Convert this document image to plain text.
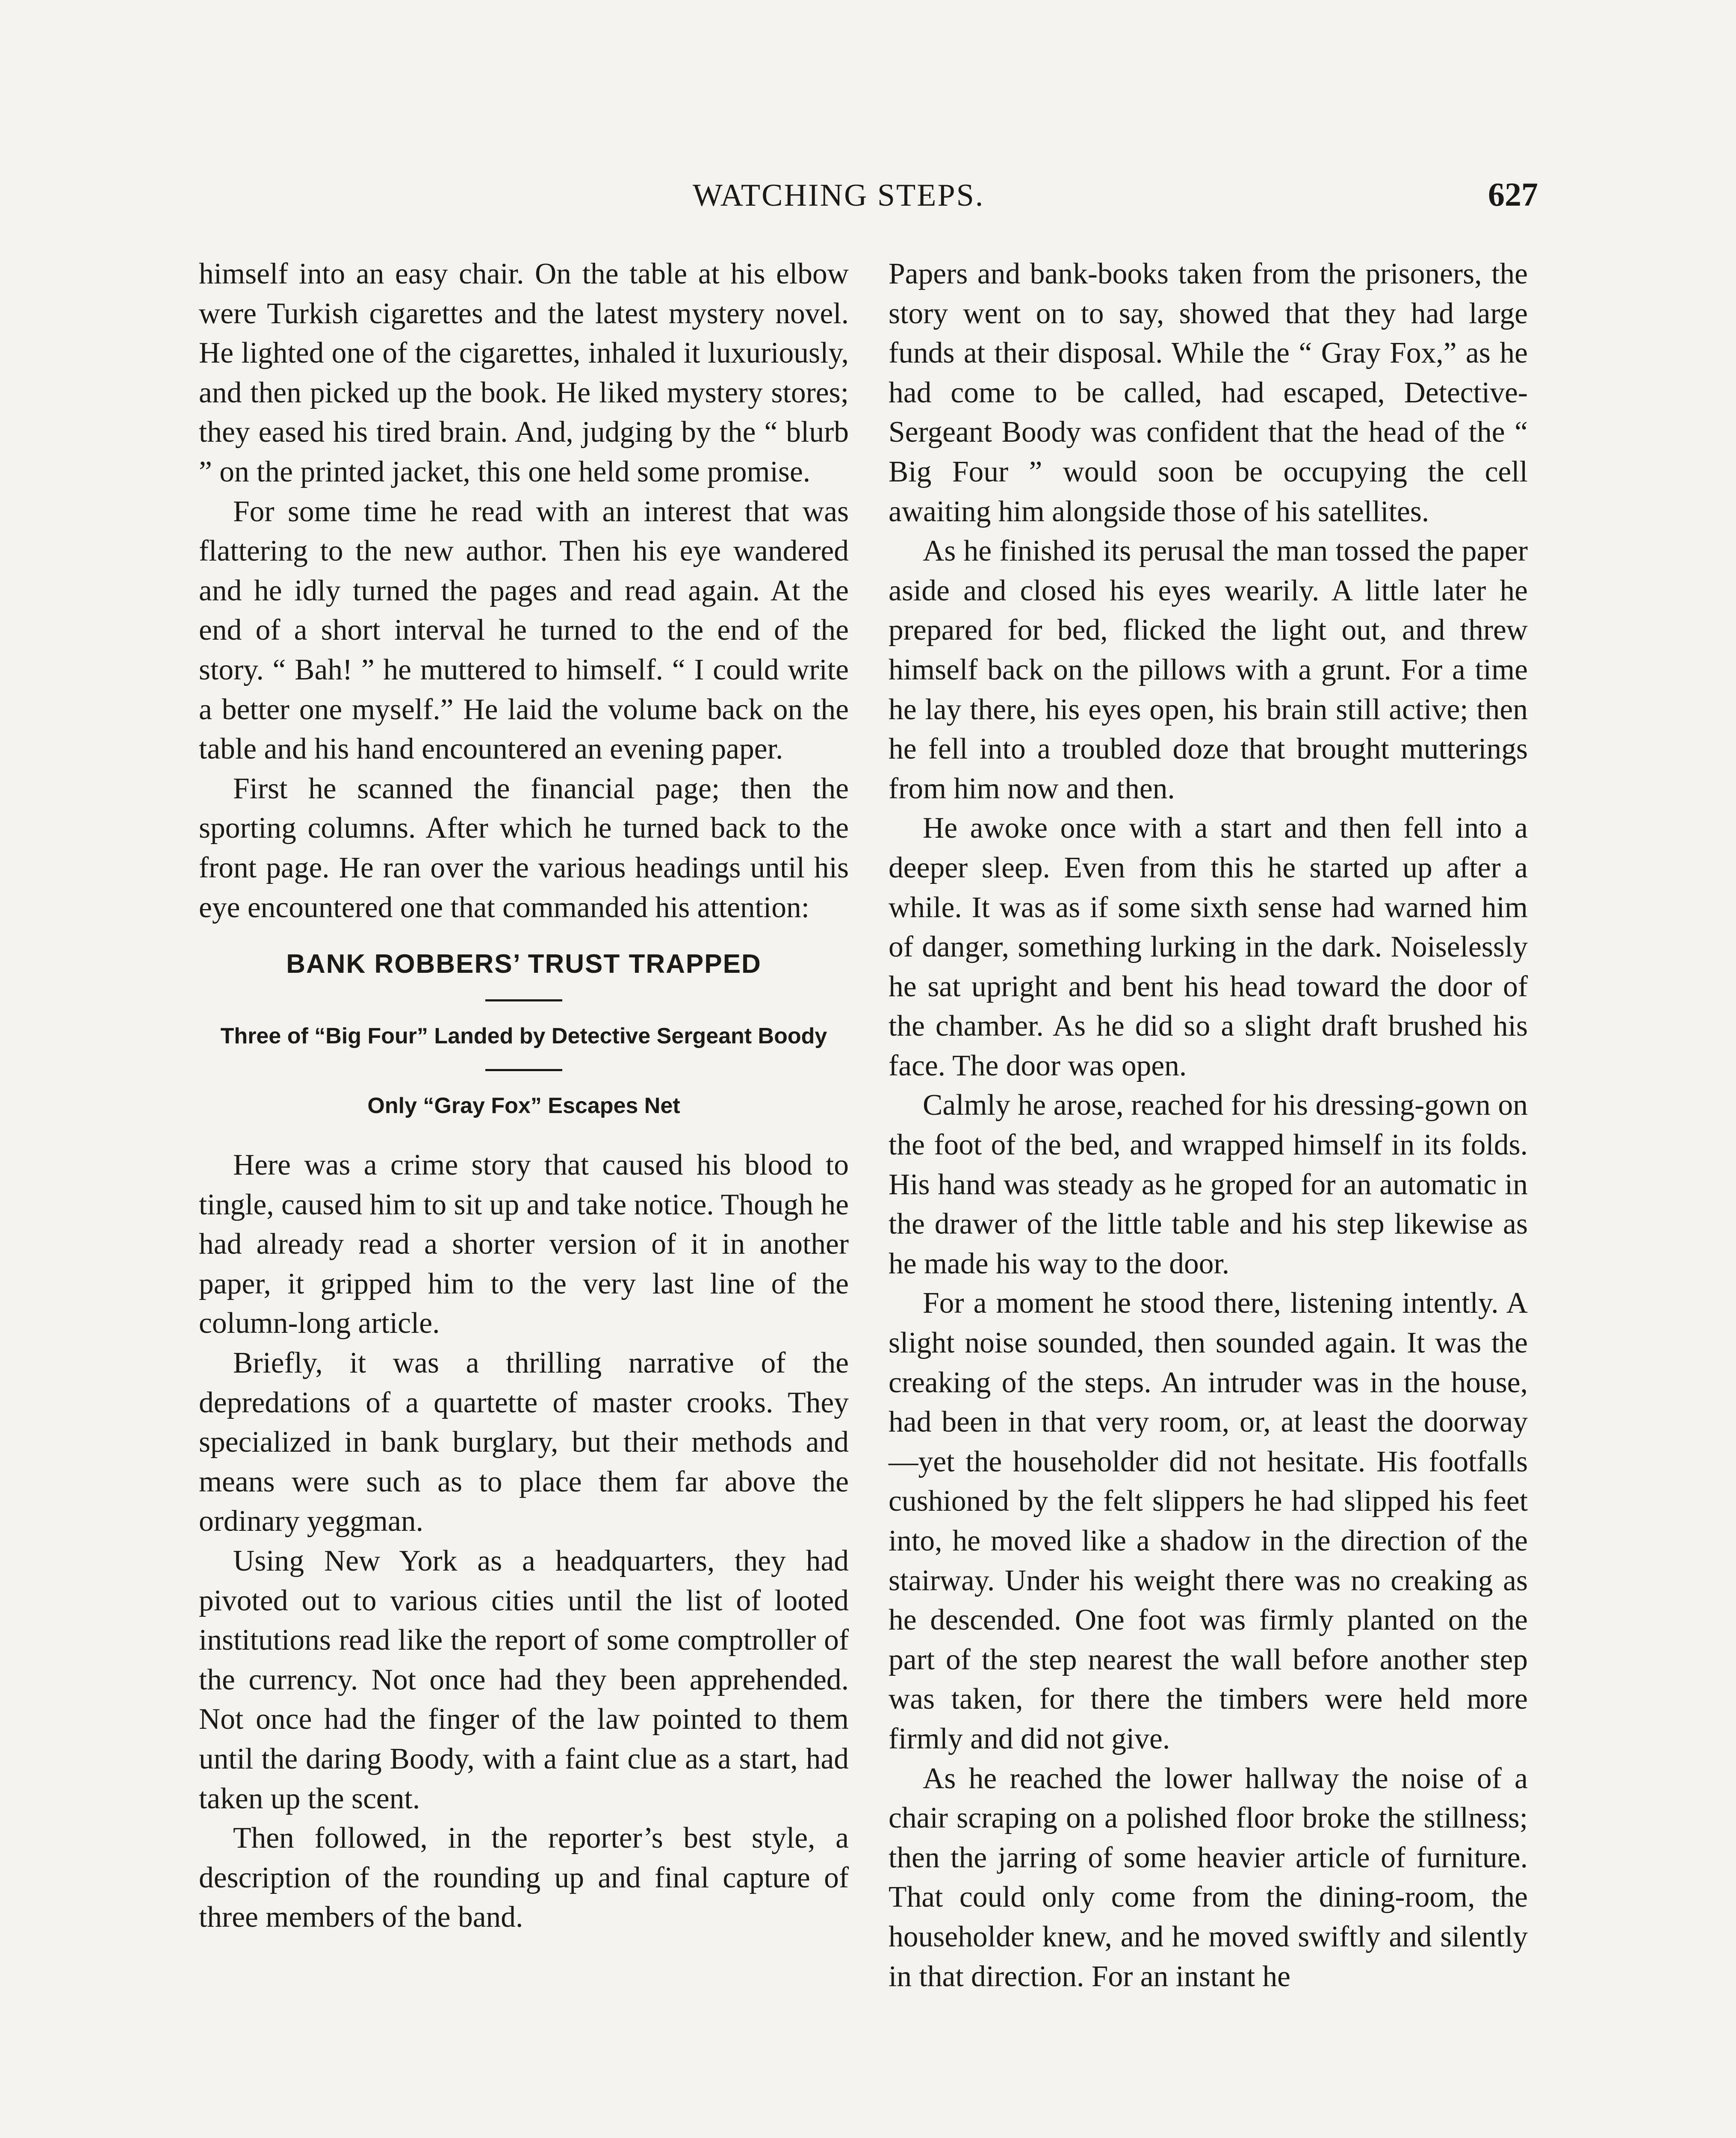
WATCHING STEPS.	627

himself into an easy chair. On the table at his elbow were Turkish cigarettes and the latest mystery novel. He lighted one of the cigarettes, inhaled it luxuriously, and then picked up the book. He liked mystery stores; they eased his tired brain. And, judging by the “ blurb ” on the printed jacket, this one held some promise.

For some time he read with an interest that was flattering to the new author. Then his eye wandered and he idly turned the pages and read again. At the end of a short interval he turned to the end of the story. “ Bah! ” he muttered to himself. “ I could write a better one myself.” He laid the volume back on the table and his hand encountered an evening paper.

First he scanned the financial page; then the sporting columns. After which he turned back to the front page. He ran over the various headings until his eye encountered one that commanded his attention:

BANK ROBBERS’ TRUST TRAPPED
Three of “Big Four” Landed by Detective Sergeant Boody
Only “Gray Fox” Escapes Net

Here was a crime story that caused his blood to tingle, caused him to sit up and take notice. Though he had already read a shorter version of it in another paper, it gripped him to the very last line of the column-long article.

Briefly, it was a thrilling narrative of the depredations of a quartette of master crooks. They specialized in bank burglary, but their methods and means were such as to place them far above the ordinary yeggman.

Using New York as a headquarters, they had pivoted out to various cities until the list of looted institutions read like the report of some comptroller of the currency. Not once had they been apprehended. Not once had the finger of the law pointed to them until the daring Boody, with a faint clue as a start, had taken up the scent.

Then followed, in the reporter’s best style, a description of the rounding up and final capture of three members of the band.

Papers and bank-books taken from the prisoners, the story went on to say, showed that they had large funds at their disposal. While the “ Gray Fox,” as he had come to be called, had escaped, Detective-Sergeant Boody was confident that the head of the “ Big Four ” would soon be occupying the cell awaiting him alongside those of his satellites.

As he finished its perusal the man tossed the paper aside and closed his eyes wearily. A little later he prepared for bed, flicked the light out, and threw himself back on the pillows with a grunt. For a time he lay there, his eyes open, his brain still active; then he fell into a troubled doze that brought mutterings from him now and then.

He awoke once with a start and then fell into a deeper sleep. Even from this he started up after a while. It was as if some sixth sense had warned him of danger, something lurking in the dark. Noiselessly he sat upright and bent his head toward the door of the chamber. As he did so a slight draft brushed his face. The door was open.

Calmly he arose, reached for his dressing-gown on the foot of the bed, and wrapped himself in its folds. His hand was steady as he groped for an automatic in the drawer of the little table and his step likewise as he made his way to the door.

For a moment he stood there, listening intently. A slight noise sounded, then sounded again. It was the creaking of the steps. An intruder was in the house, had been in that very room, or, at least the doorway—yet the householder did not hesitate. His footfalls cushioned by the felt slippers he had slipped his feet into, he moved like a shadow in the direction of the stairway. Under his weight there was no creaking as he descended. One foot was firmly planted on the part of the step nearest the wall before another step was taken, for there the timbers were held more firmly and did not give.

As he reached the lower hallway the noise of a chair scraping on a polished floor broke the stillness; then the jarring of some heavier article of furniture. That could only come from the dining-room, the householder knew, and he moved swiftly and silently in that direction. For an instant he
